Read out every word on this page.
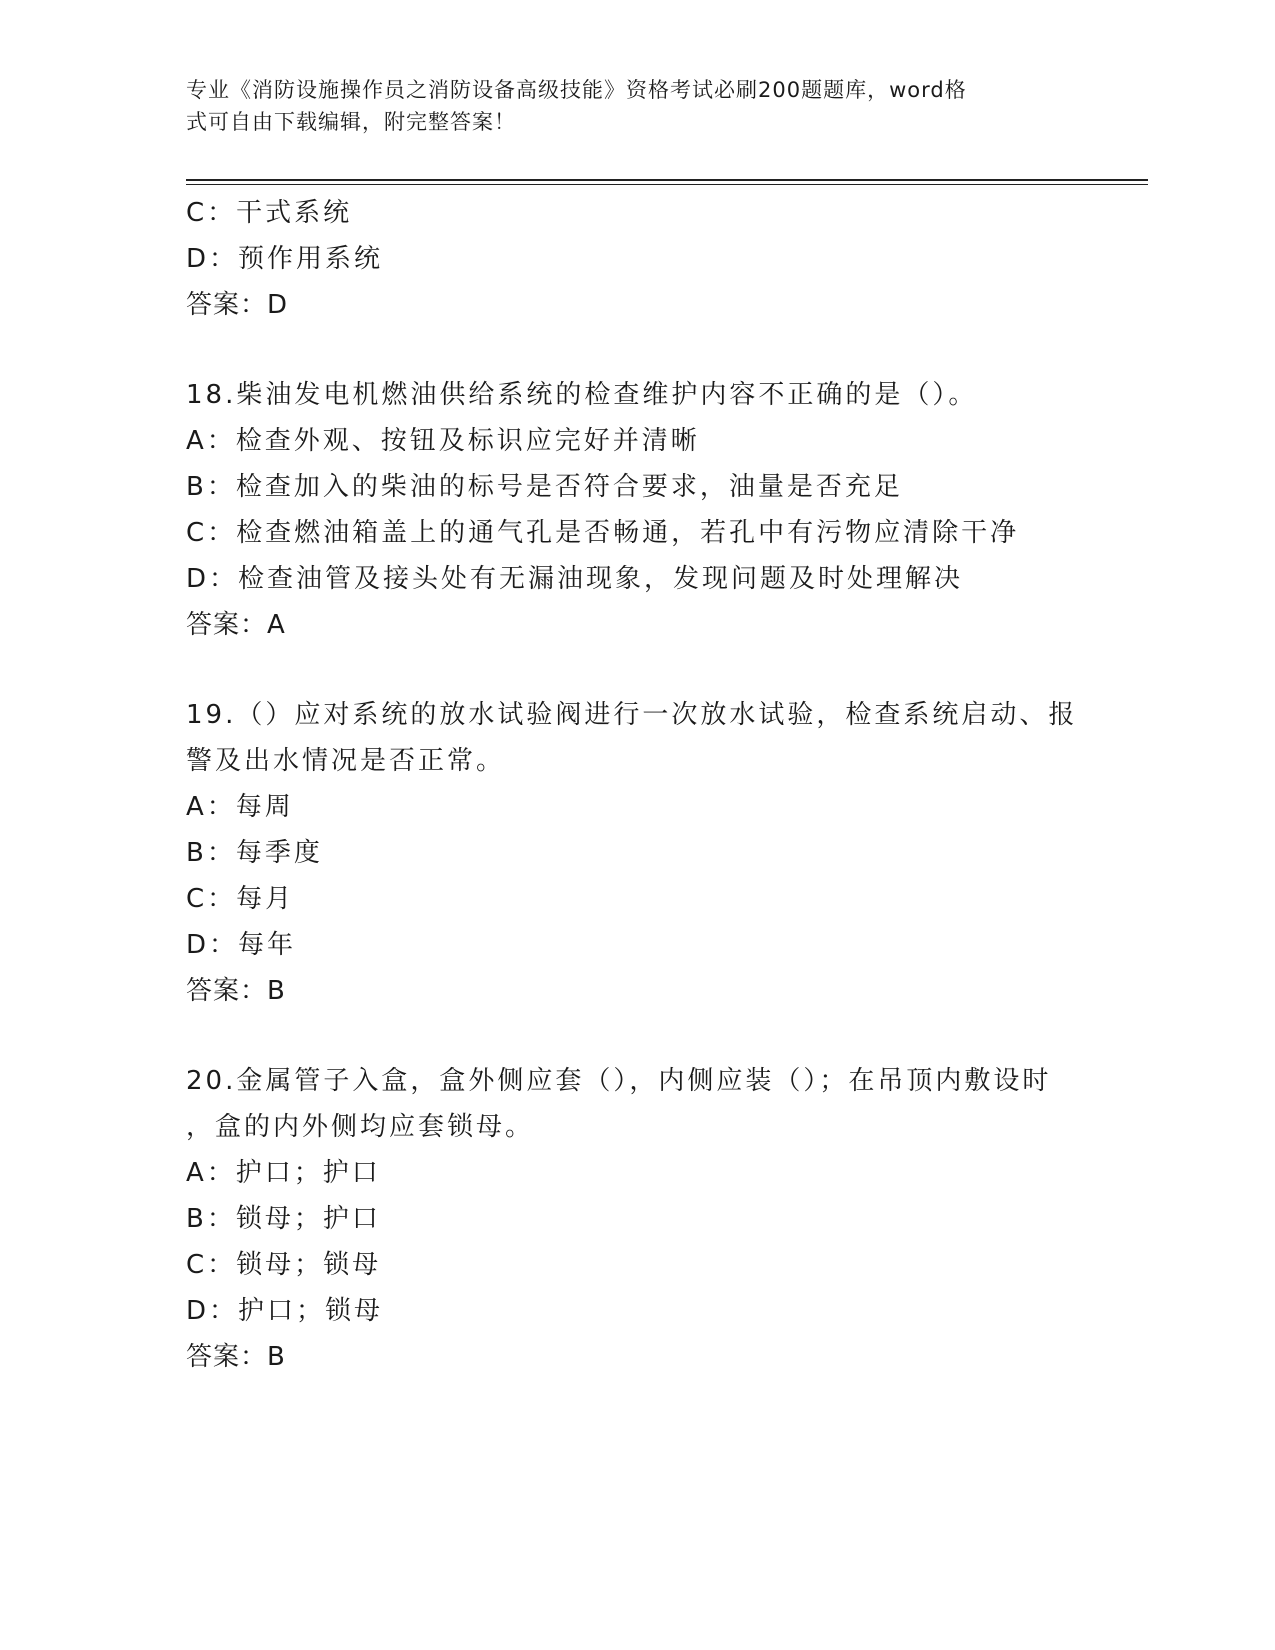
专业《消防设施操作员之消防设备高级技能》资格考试必刷200题题库，word格
式可自由下载编辑，附完整答案！
C：干式系统
D：预作用系统
答案：D
18.柴油发电机燃油供给系统的检查维护内容不正确的是（）。
A：检查外观、按钮及标识应完好并清晰
B：检查加入的柴油的标号是否符合要求，油量是否充足
C：检查燃油箱盖上的通气孔是否畅通，若孔中有污物应清除干净
D：检查油管及接头处有无漏油现象，发现问题及时处理解决
答案：A
19.（）应对系统的放水试验阀进行一次放水试验，检查系统启动、报
警及出水情况是否正常。
A：每周
B：每季度
C：每月
D：每年
答案：B
20.金属管子入盒，盒外侧应套（），内侧应装（）；在吊顶内敷设时
，盒的内外侧均应套锁母。
A：护口；护口
B：锁母；护口
C：锁母；锁母
D：护口；锁母
答案：B
